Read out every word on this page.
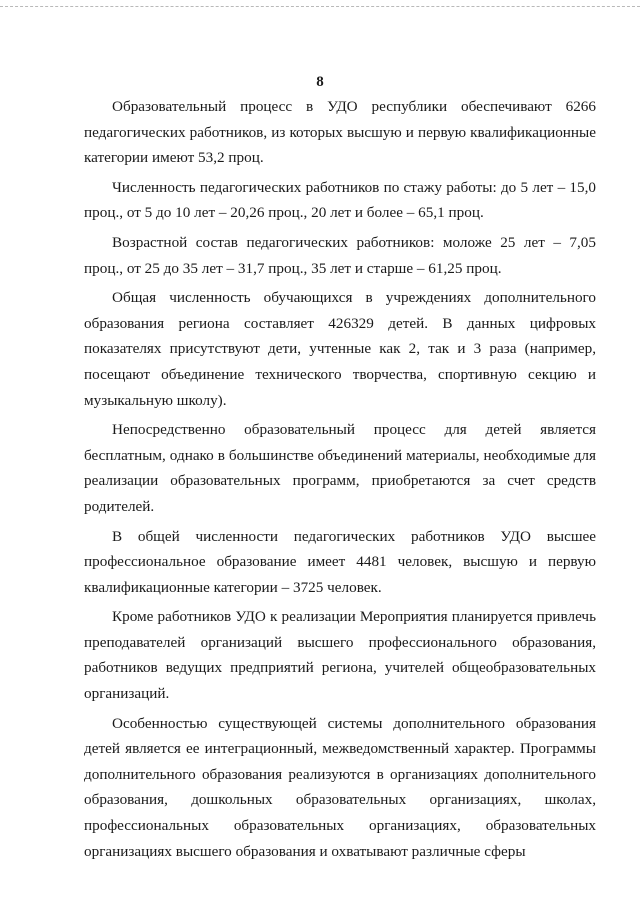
8

Образовательный процесс в УДО республики обеспечивают 6266 педагогических работников, из которых высшую и первую квалификационные категории имеют 53,2 проц.

Численность педагогических работников по стажу работы: до 5 лет – 15,0 проц., от 5 до 10 лет – 20,26 проц., 20 лет и более – 65,1 проц.

Возрастной состав педагогических работников: моложе 25 лет – 7,05 проц., от 25 до 35 лет – 31,7 проц., 35 лет и старше – 61,25 проц.

Общая численность обучающихся в учреждениях дополнительного образования региона составляет 426329 детей. В данных цифровых показателях присутствуют дети, учтенные как 2, так и 3 раза (например, посещают объединение технического творчества, спортивную секцию и музыкальную школу).

Непосредственно образовательный процесс для детей является бесплатным, однако в большинстве объединений материалы, необходимые для реализации образовательных программ, приобретаются за счет средств родителей.

В общей численности педагогических работников УДО высшее профессиональное образование имеет 4481 человек, высшую и первую квалификационные категории – 3725 человек.

Кроме работников УДО к реализации Мероприятия планируется привлечь преподавателей организаций высшего профессионального образования, работников ведущих предприятий региона, учителей общеобразовательных организаций.

Особенностью существующей системы дополнительного образования детей является ее интеграционный, межведомственный характер. Программы дополнительного образования реализуются в организациях дополнительного образования, дошкольных образовательных организациях, школах, профессиональных образовательных организациях, образовательных организациях высшего образования и охватывают различные сферы
